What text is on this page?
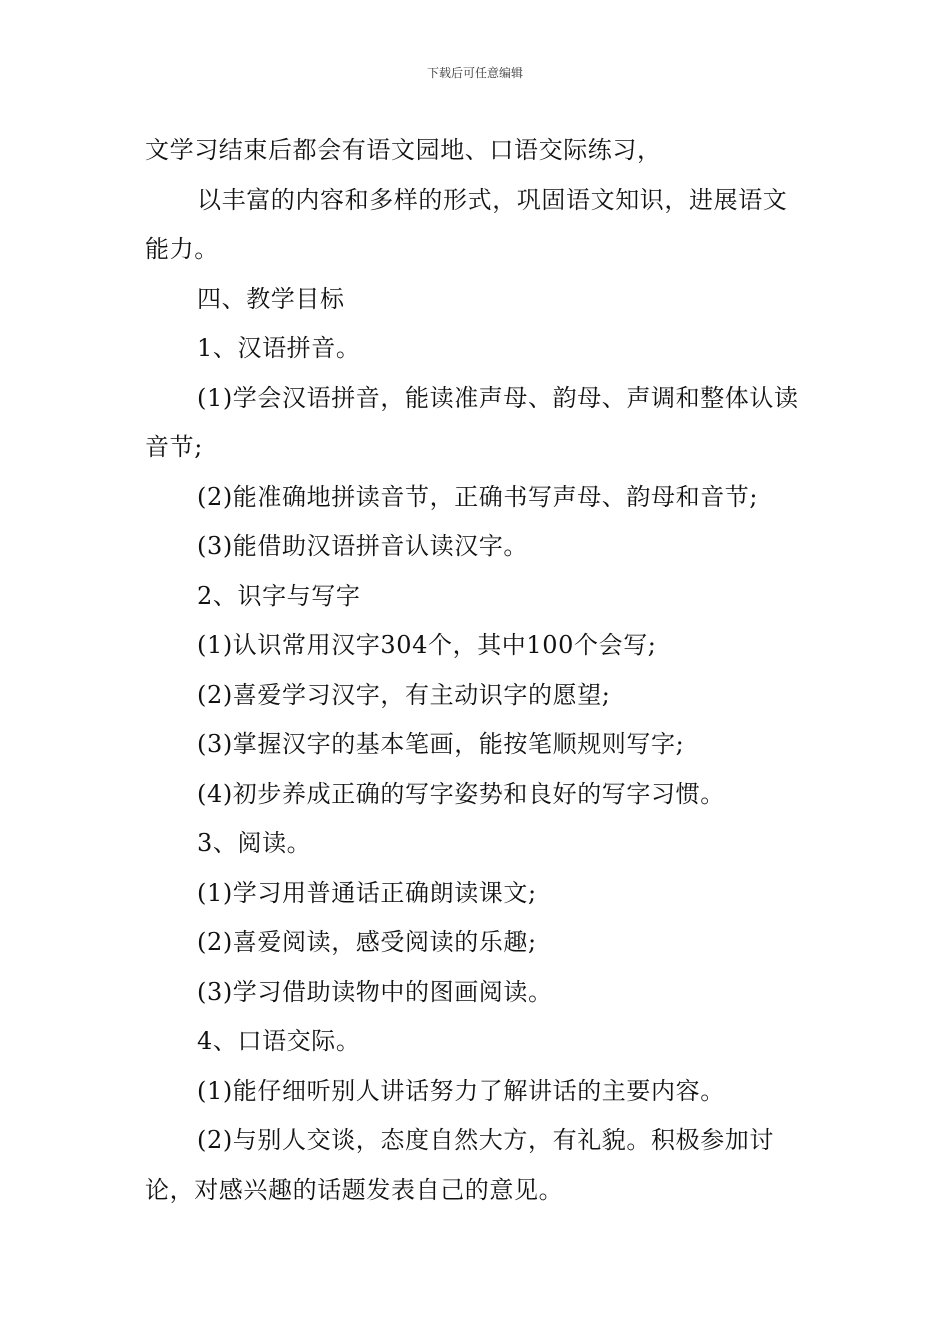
下载后可任意编辑

文学习结束后都会有语文园地、口语交际练习，

以丰富的内容和多样的形式，巩固语文知识，进展语文能力。

四、教学目标

1、汉语拼音。

(1)学会汉语拼音，能读准声母、韵母、声调和整体认读音节;

(2)能准确地拼读音节，正确书写声母、韵母和音节;

(3)能借助汉语拼音认读汉字。

2、识字与写字

(1)认识常用汉字304个，其中100个会写;

(2)喜爱学习汉字，有主动识字的愿望;

(3)掌握汉字的基本笔画，能按笔顺规则写字;

(4)初步养成正确的写字姿势和良好的写字习惯。

3、阅读。

(1)学习用普通话正确朗读课文;

(2)喜爱阅读，感受阅读的乐趣;

(3)学习借助读物中的图画阅读。

4、口语交际。

(1)能仔细听别人讲话努力了解讲话的主要内容。

(2)与别人交谈，态度自然大方，有礼貌。积极参加讨论，对感兴趣的话题发表自己的意见。
